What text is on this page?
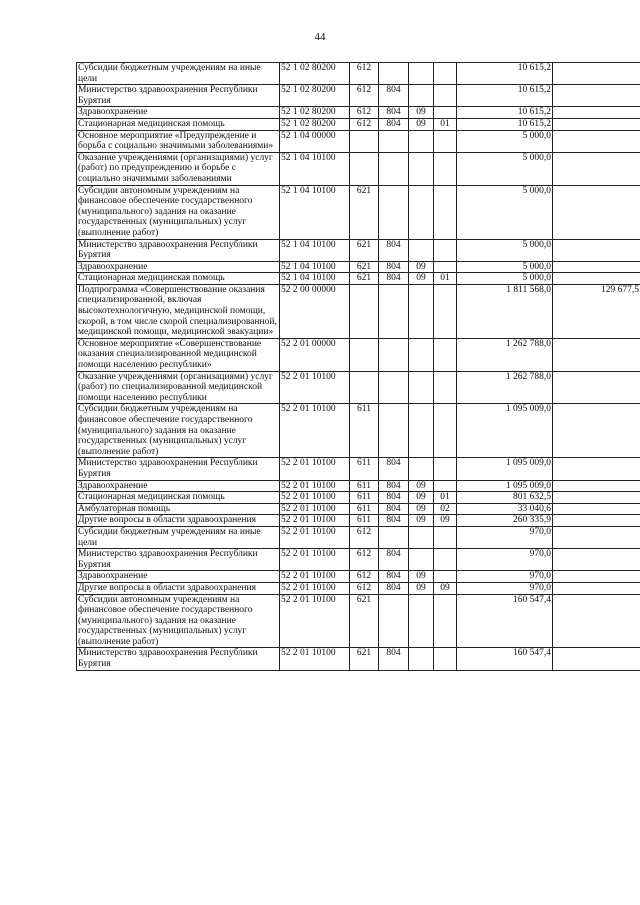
44
Субсидии бюджетным учреждениям на иные цели	52 1 02 80200	612				10 615,2	
Министерство здравоохранения Республики Бурятия	52 1 02 80200	612	804			10 615,2	
Здравоохранение	52 1 02 80200	612	804	09		10 615,2	
Стационарная медицинская помощь	52 1 02 80200	612	804	09	01	10 615,2	
Основное мероприятие «Предупреждение и борьба с социально значимыми заболеваниями»	52 1 04 00000					5 000,0	
Оказание учреждениями (организациями) услуг (работ) по предупреждению и борьбе с социально значимыми заболеваниями	52 1 04 10100					5 000,0	
Субсидии автономным учреждениям на финансовое обеспечение государственного (муниципального) задания на оказание государственных (муниципальных) услуг (выполнение работ)	52 1 04 10100	621				5 000,0	
Министерство здравоохранения Республики Бурятия	52 1 04 10100	621	804			5 000,0	
Здравоохранение	52 1 04 10100	621	804	09		5 000,0	
Стационарная медицинская помощь	52 1 04 10100	621	804	09	01	5 000,0	
Подпрограмма «Совершенствование оказания специализированной, включая высокотехнологичную, медицинской помощи, скорой, в том числе скорой специализированной, медицинской помощи, медицинской эвакуации»	52 2 00 00000					1 811 568,0	129 677,5
Основное мероприятие «Совершенствование оказания специализированной медицинской помощи населению республики»	52 2 01 00000					1 262 788,0	
Оказание учреждениями (организациями) услуг (работ) по специализированной медицинской помощи населению республики	52 2 01 10100					1 262 788,0	
Субсидии бюджетным учреждениям на финансовое обеспечение государственного (муниципального) задания на оказание государственных (муниципальных) услуг (выполнение работ)	52 2 01 10100	611				1 095 009,0	
Министерство здравоохранения Республики Бурятия	52 2 01 10100	611	804			1 095 009,0	
Здравоохранение	52 2 01 10100	611	804	09		1 095 009,0	
Стационарная медицинская помощь	52 2 01 10100	611	804	09	01	801 632,5	
Амбулаторная помощь	52 2 01 10100	611	804	09	02	33 040,6	
Другие вопросы в области здравоохранения	52 2 01 10100	611	804	09	09	260 335,9	
Субсидии бюджетным учреждениям на иные цели	52 2 01 10100	612				970,0	
Министерство здравоохранения Республики Бурятия	52 2 01 10100	612	804			970,0	
Здравоохранение	52 2 01 10100	612	804	09		970,0	
Другие вопросы в области здравоохранения	52 2 01 10100	612	804	09	09	970,0	
Субсидии автономным учреждениям на финансовое обеспечение государственного (муниципального) задания на оказание государственных (муниципальных) услуг (выполнение работ)	52 2 01 10100	621				160 547,4	
Министерство здравоохранения Республики Бурятия	52 2 01 10100	621	804			160 547,4	
